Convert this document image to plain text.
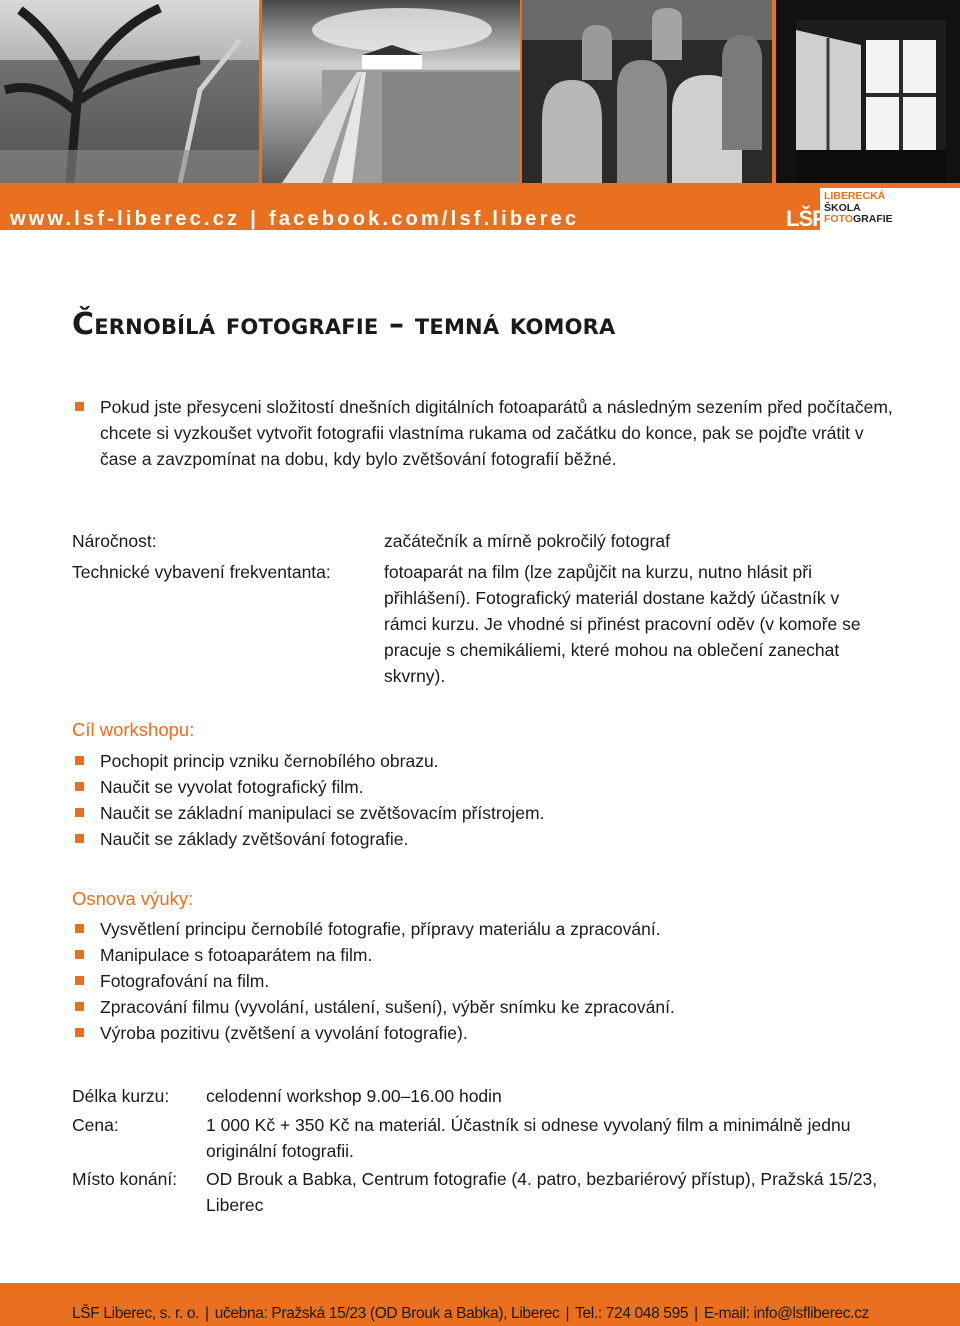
www.lsf-liberec.cz | facebook.com/lsf.liberec	LŠF
LIBERECKÁ
ŠKOLA
FOTOGRAFIE
Černobílá fotografie – temná komora
Pokud jste přesyceni složitostí dnešních digitálních fotoaparátů a následným sezením před počítačem, chcete si vyzkoušet vytvořit fotografii vlastníma rukama od začátku do konce, pak se pojďte vrátit v čase a zavzpomínat na dobu, kdy bylo zvětšování fotografií běžné.
Náročnost:	začátečník a mírně pokročilý fotograf
Technické vybavení frekventanta:	fotoaparát na film (lze zapůjčit na kurzu, nutno hlásit při přihlášení). Fotografický materiál dostane každý účastník v rámci kurzu. Je vhodné si přinést pracovní oděv (v komoře se pracuje s chemikáliemi, které mohou na oblečení zanechat skvrny).
Cíl workshopu:
Pochopit princip vzniku černobílého obrazu.
Naučit se vyvolat fotografický film.
Naučit se základní manipulaci se zvětšovacím přístrojem.
Naučit se základy zvětšování fotografie.
Osnova výuky:
Vysvětlení principu černobílé fotografie, přípravy materiálu a zpracování.
Manipulace s fotoaparátem na film.
Fotografování na film.
Zpracování filmu (vyvolání, ustálení, sušení), výběr snímku ke zpracování.
Výroba pozitivu (zvětšení a vyvolání fotografie).
Délka kurzu: celodenní workshop 9.00–16.00 hodin
Cena:	1 000 Kč + 350 Kč na materiál. Účastník si odnese vyvolaný film a minimálně jednu originální fotografii.
Místo konání: OD Brouk a Babka, Centrum fotografie (4. patro, bezbariérový přístup), Pražská 15/23, Liberec
LŠF Liberec, s. r. o. | učebna: Pražská 15/23 (OD Brouk a Babka), Liberec | Tel.: 724 048 595 | E-mail: info@lsfliberec.cz
